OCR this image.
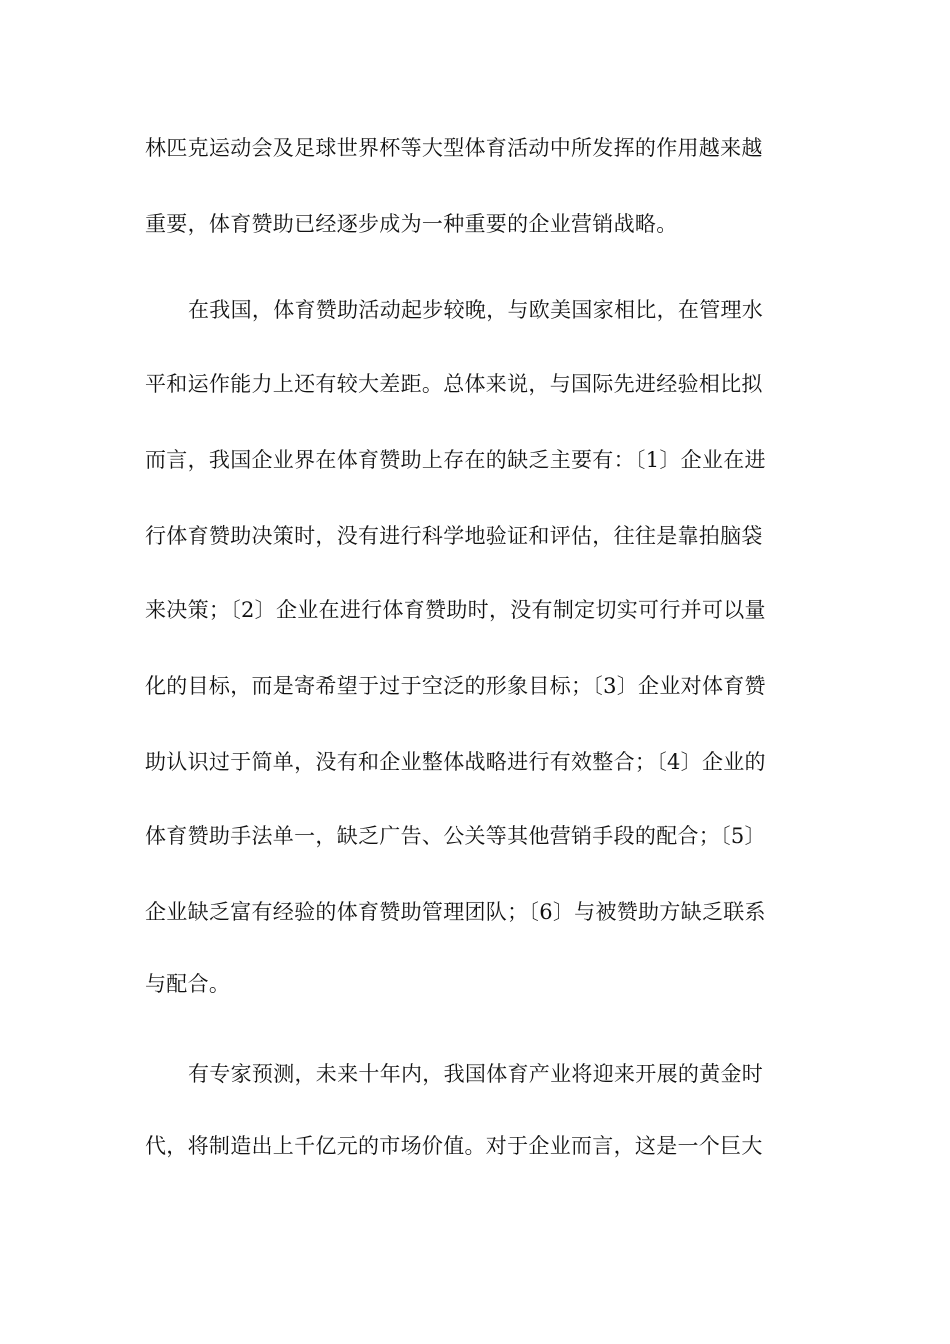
林匹克运动会及足球世界杯等大型体育活动中所发挥的作用越来越
重要，体育赞助已经逐步成为一种重要的企业营销战略。
在我国，体育赞助活动起步较晚，与欧美国家相比，在管理水
平和运作能力上还有较大差距。总体来说，与国际先进经验相比拟
而言，我国企业界在体育赞助上存在的缺乏主要有：〔1〕企业在进
行体育赞助决策时，没有进行科学地验证和评估，往往是靠拍脑袋
来决策；〔2〕企业在进行体育赞助时，没有制定切实可行并可以量
化的目标，而是寄希望于过于空泛的形象目标；〔3〕企业对体育赞
助认识过于简单，没有和企业整体战略进行有效整合；〔4〕企业的
体育赞助手法单一，缺乏广告、公关等其他营销手段的配合；〔5〕
企业缺乏富有经验的体育赞助管理团队；〔6〕与被赞助方缺乏联系
与配合。
有专家预测，未来十年内，我国体育产业将迎来开展的黄金时
代，将制造出上千亿元的市场价值。对于企业而言，这是一个巨大
